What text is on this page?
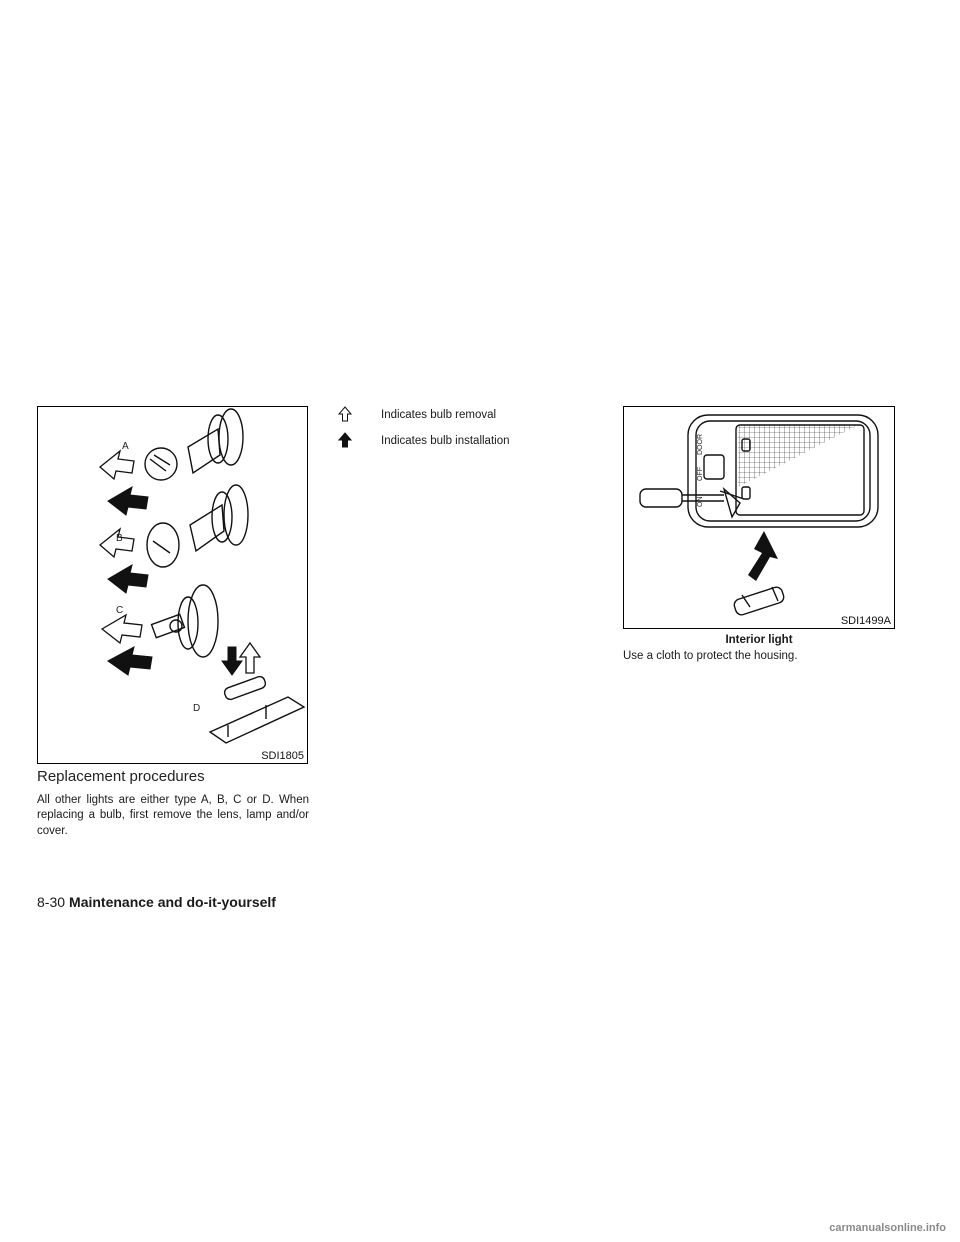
A
B
C
D
SDI1805
Indicates bulb removal
Indicates bulb installation
Replacement procedures
All other lights are either type A, B, C or D. When replacing a bulb, first remove the lens, lamp and/or cover.
ON
OFF
DOOR
SDI1499A
Interior light
Use a cloth to protect the housing.
8-30 Maintenance and do-it-yourself
carmanualsonline.info
